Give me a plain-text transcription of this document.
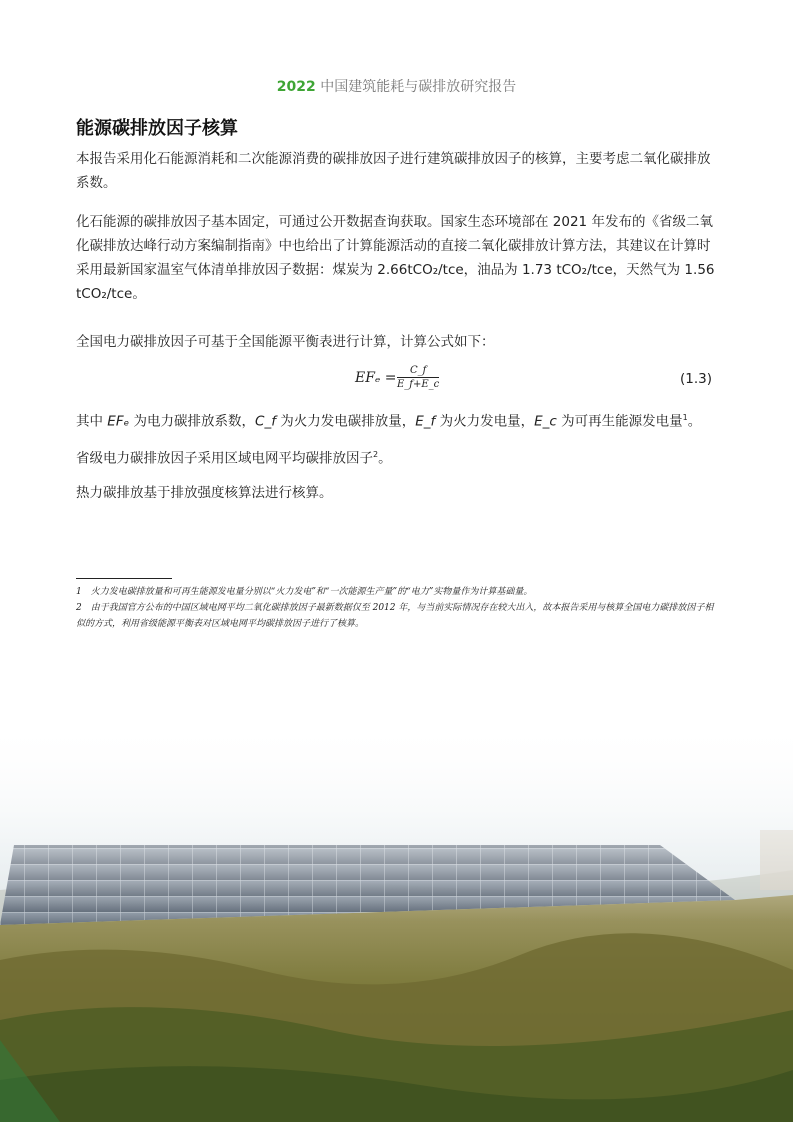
2022 中国建筑能耗与碳排放研究报告
能源碳排放因子核算
本报告采用化石能源消耗和二次能源消费的碳排放因子进行建筑碳排放因子的核算，主要考虑二氧化碳排放系数。
化石能源的碳排放因子基本固定，可通过公开数据查询获取。国家生态环境部在 2021 年发布的《省级二氧化碳排放达峰行动方案编制指南》中也给出了计算能源活动的直接二氧化碳排放计算方法，其建议在计算时采用最新国家温室气体清单排放因子数据：煤炭为 2.66tCO₂/tce，油品为 1.73 tCO₂/tce，天然气为 1.56 tCO₂/tce。
全国电力碳排放因子可基于全国能源平衡表进行计算，计算公式如下：
$EF_e = \frac{C\_f}{E\_f+E\_c}$	(1.3)
其中 EFₑ 为电力碳排放系数，C_f 为火力发电碳排放量，E_f 为火力发电量，E_c 为可再生能源发电量$^1$。
省级电力碳排放因子采用区域电网平均碳排放因子$^2$。
热力碳排放基于排放强度核算法进行核算。
1　火力发电碳排放量和可再生能源发电量分别以“火力发电”和“一次能源生产量”的“电力”实物量作为计算基础量。
2　由于我国官方公布的中国区域电网平均二氧化碳排放因子最新数据仅至 2012 年，与当前实际情况存在较大出入，故本报告采用与核算全国电力碳排放因子相似的方式，利用省级能源平衡表对区域电网平均碳排放因子进行了核算。
